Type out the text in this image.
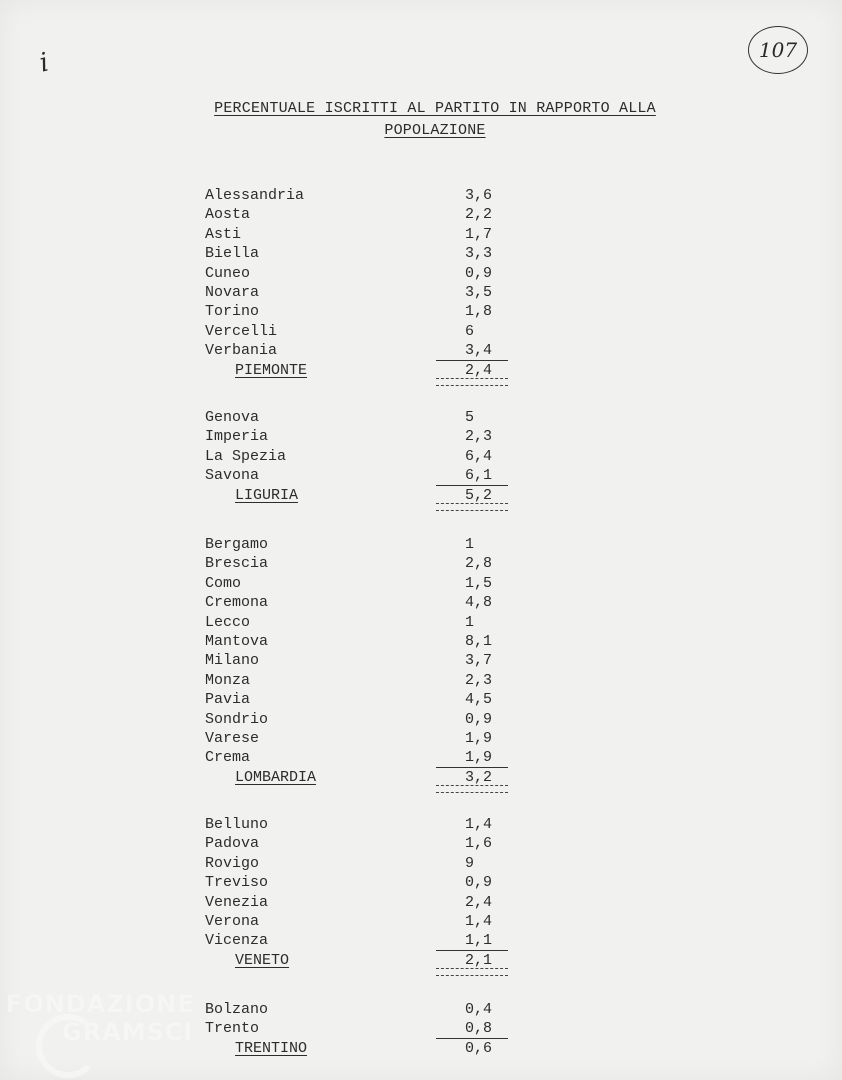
i	107
PERCENTUALE ISCRITTI AL PARTITO IN RAPPORTO ALLA
POPOLAZIONE
Alessandria	3,6
Aosta	2,2
Asti	1,7
Biella	3,3
Cuneo	0,9
Novara	3,5
Torino	1,8
Vercelli	6
Verbania	3,4
PIEMONTE	2,4
Genova	5
Imperia	2,3
La Spezia	6,4
Savona	6,1
LIGURIA	5,2
Bergamo	1
Brescia	2,8
Como	1,5
Cremona	4,8
Lecco	1
Mantova	8,1
Milano	3,7
Monza	2,3
Pavia	4,5
Sondrio	0,9
Varese	1,9
Crema	1,9
LOMBARDIA	3,2
Belluno	1,4
Padova	1,6
Rovigo	9
Treviso	0,9
Venezia	2,4
Verona	1,4
Vicenza	1,1
VENETO	2,1
Bolzano	0,4
Trento	0,8
TRENTINO	0,6
FONDAZIONE
GRAMSCI
